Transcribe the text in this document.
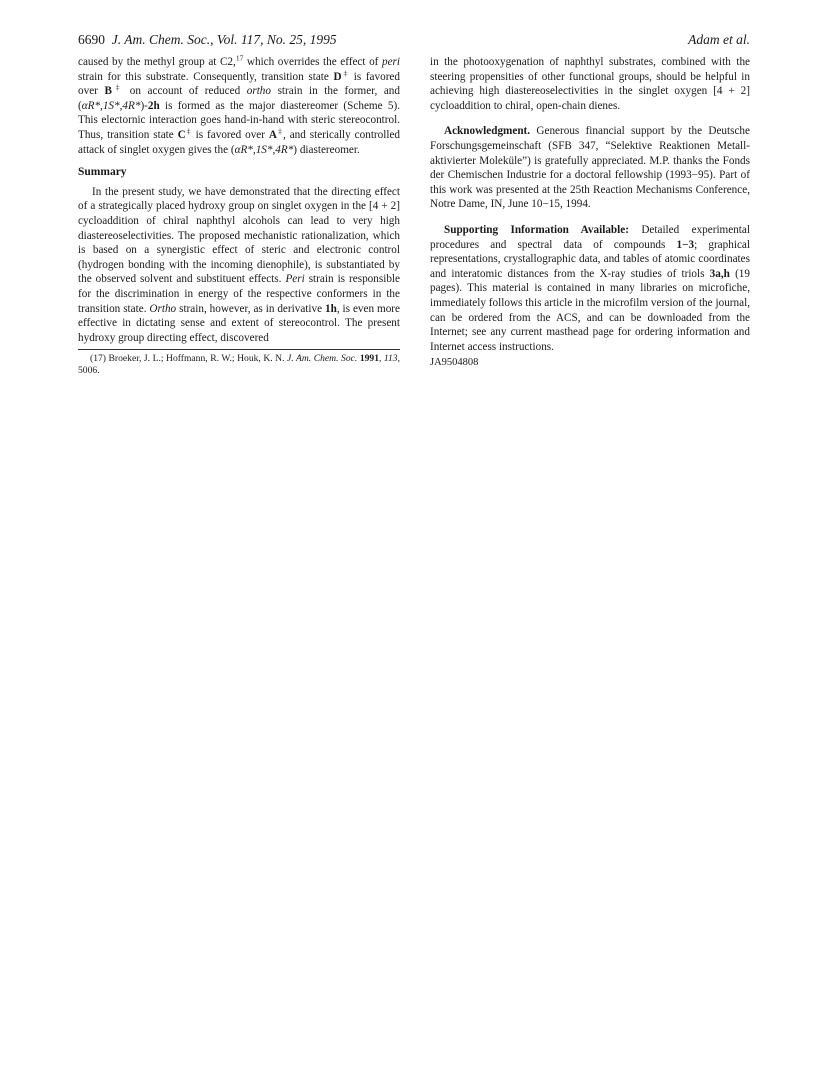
6690 J. Am. Chem. Soc., Vol. 117, No. 25, 1995	Adam et al.

caused by the methyl group at C2,17 which overrides the effect of peri strain for this substrate. Consequently, transition state D‡ is favored over B‡ on account of reduced ortho strain in the former, and (αR*,1S*,4R*)-2h is formed as the major diastereomer (Scheme 5). This electornic interaction goes hand-in-hand with steric stereocontrol. Thus, transition state C‡ is favored over A‡, and sterically controlled attack of singlet oxygen gives the (αR*,1S*,4R*) diastereomer.

Summary

In the present study, we have demonstrated that the directing effect of a strategically placed hydroxy group on singlet oxygen in the [4 + 2] cycloaddition of chiral naphthyl alcohols can lead to very high diastereoselectivities. The proposed mechanistic rationalization, which is based on a synergistic effect of steric and electronic control (hydrogen bonding with the incoming dienophile), is substantiated by the observed solvent and substituent effects. Peri strain is responsible for the discrimination in energy of the respective conformers in the transition state. Ortho strain, however, as in derivative 1h, is even more effective in dictating sense and extent of stereocontrol. The present hydroxy group directing effect, discovered

(17) Broeker, J. L.; Hoffmann, R. W.; Houk, K. N. J. Am. Chem. Soc. 1991, 113, 5006.

in the photooxygenation of naphthyl substrates, combined with the steering propensities of other functional groups, should be helpful in achieving high diastereoselectivities in the singlet oxygen [4 + 2] cycloaddition to chiral, open-chain dienes.

Acknowledgment. Generous financial support by the Deutsche Forschungsgemeinschaft (SFB 347, “Selektive Reaktionen Metall-aktivierter Moleküle”) is gratefully appreciated. M.P. thanks the Fonds der Chemischen Industrie for a doctoral fellowship (1993−95). Part of this work was presented at the 25th Reaction Mechanisms Conference, Notre Dame, IN, June 10−15, 1994.

Supporting Information Available: Detailed experimental procedures and spectral data of compounds 1−3; graphical representations, crystallographic data, and tables of atomic coordinates and interatomic distances from the X-ray studies of triols 3a,h (19 pages). This material is contained in many libraries on microfiche, immediately follows this article in the microfilm version of the journal, can be ordered from the ACS, and can be downloaded from the Internet; see any current masthead page for ordering information and Internet access instructions.

JA9504808
